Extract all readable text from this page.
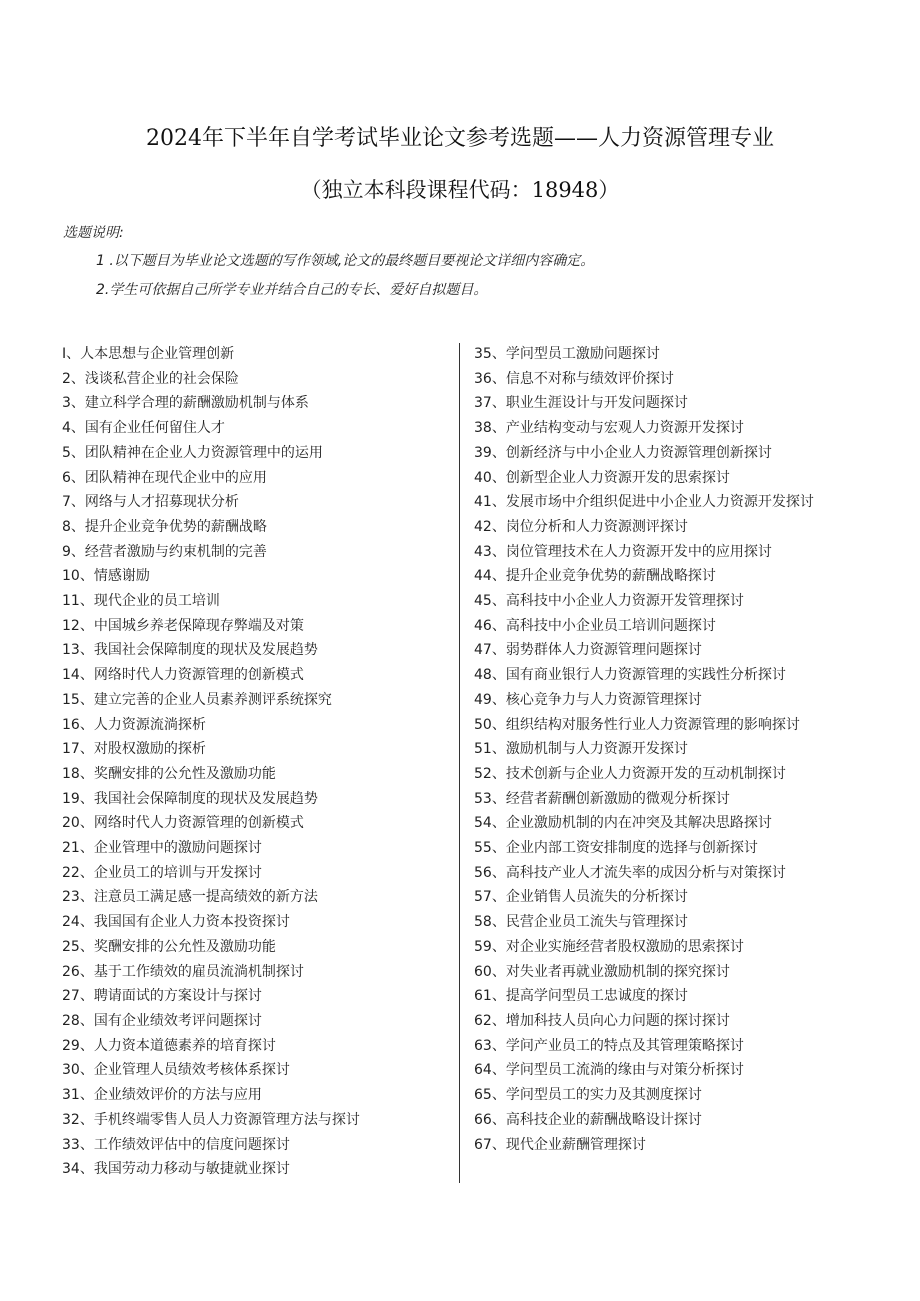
2024年下半年自学考试毕业论文参考选题——人力资源管理专业
（独立本科段课程代码：18948）
选题说明:
1 .以下题目为毕业论文选题的写作领域,论文的最终题目要视论文详细内容确定。
2.学生可依据自己所学专业并结合自己的专长、爱好自拟题目。
I、人本思想与企业管理创新
2、浅谈私营企业的社会保险
3、建立科学合理的薪酬激励机制与体系
4、国有企业任何留住人才
5、团队精神在企业人力资源管理中的运用
6、团队精神在现代企业中的应用
7、网络与人才招募现状分析
8、提升企业竞争优势的薪酬战略
9、经营者激励与约束机制的完善
10、情感谢励
11、现代企业的员工培训
12、中国城乡养老保障现存弊端及对策
13、我国社会保障制度的现状及发展趋势
14、网络时代人力资源管理的创新模式
15、建立完善的企业人员素养测评系统探究
16、人力资源流淌探析
17、对股权激励的探析
18、奖酬安排的公允性及激励功能
19、我国社会保障制度的现状及发展趋势
20、网络时代人力资源管理的创新模式
21、企业管理中的激励问题探讨
22、企业员工的培训与开发探讨
23、注意员工满足感一提高绩效的新方法
24、我国国有企业人力资本投资探讨
25、奖酬安排的公允性及激励功能
26、基于工作绩效的雇员流淌机制探讨
27、聘请面试的方案设计与探讨
28、国有企业绩效考评问题探讨
29、人力资本道德素养的培育探讨
30、企业管理人员绩效考核体系探讨
31、企业绩效评价的方法与应用
32、手机终端零售人员人力资源管理方法与探讨
33、工作绩效评估中的信度问题探讨
34、我国劳动力移动与敏捷就业探讨
35、学问型员工激励问题探讨
36、信息不对称与绩效评价探讨
37、职业生涯设计与开发问题探讨
38、产业结构变动与宏观人力资源开发探讨
39、创新经济与中小企业人力资源管理创新探讨
40、创新型企业人力资源开发的思索探讨
41、发展市场中介组织促进中小企业人力资源开发探讨
42、岗位分析和人力资源测评探讨
43、岗位管理技术在人力资源开发中的应用探讨
44、提升企业竞争优势的薪酬战略探讨
45、高科技中小企业人力资源开发管理探讨
46、高科技中小企业员工培训问题探讨
47、弱势群体人力资源管理问题探讨
48、国有商业银行人力资源管理的实践性分析探讨
49、核心竞争力与人力资源管理探讨
50、组织结构对服务性行业人力资源管理的影响探讨
51、激励机制与人力资源开发探讨
52、技术创新与企业人力资源开发的互动机制探讨
53、经营者薪酬创新激励的微观分析探讨
54、企业激励机制的内在冲突及其解决思路探讨
55、企业内部工资安排制度的选择与创新探讨
56、高科技产业人才流失率的成因分析与对策探讨
57、企业销售人员流失的分析探讨
58、民营企业员工流失与管理探讨
59、对企业实施经营者股权激励的思索探讨
60、对失业者再就业激励机制的探究探讨
61、提高学问型员工忠诚度的探讨
62、增加科技人员向心力问题的探讨探讨
63、学问产业员工的特点及其管理策略探讨
64、学问型员工流淌的缘由与对策分析探讨
65、学问型员工的实力及其测度探讨
66、高科技企业的薪酬战略设计探讨
67、现代企业薪酬管理探讨
